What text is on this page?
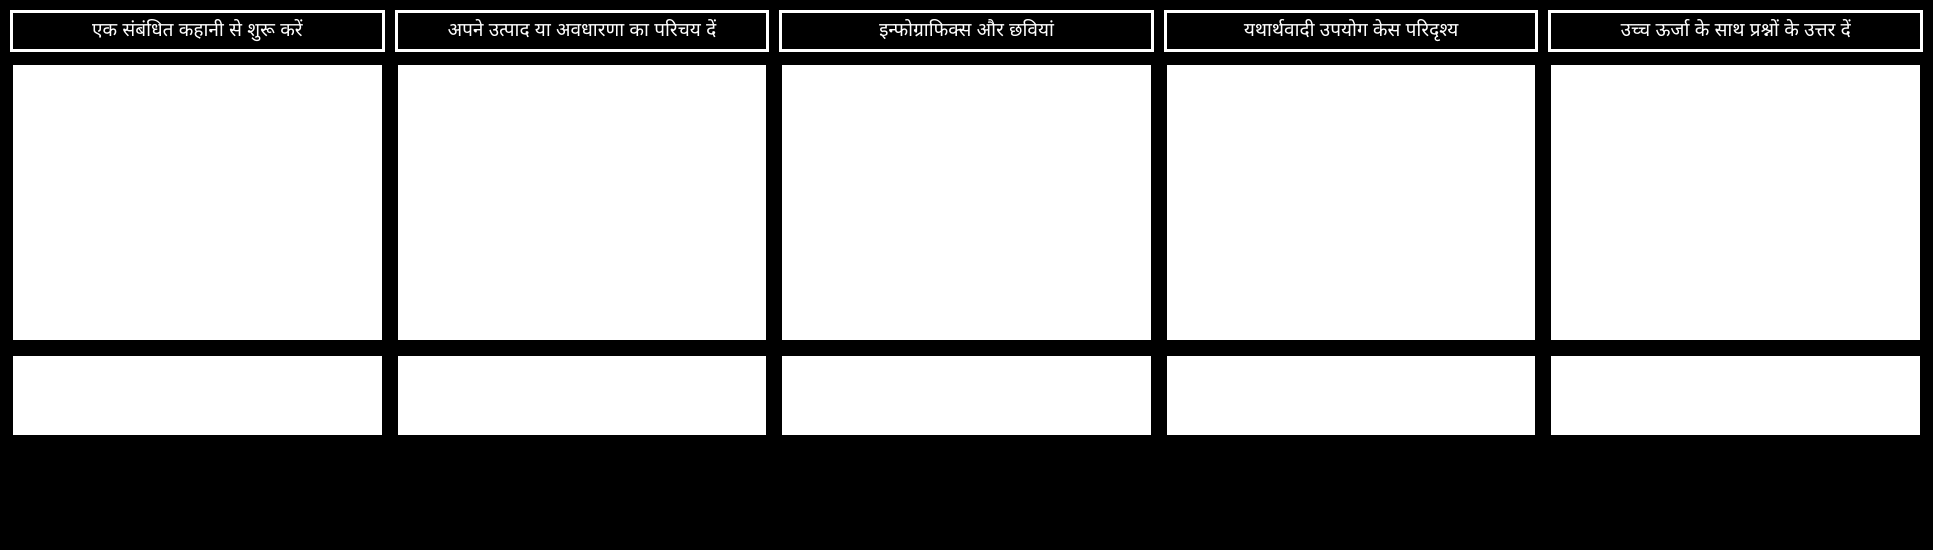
एक संबंधित कहानी से शुरू करें	अपने उत्पाद या अवधारणा का परिचय दें	इन्फोग्राफिक्स और छवियां	यथार्थवादी उपयोग केस परिदृश्य	उच्च ऊर्जा के साथ प्रश्नों के उत्तर दें
